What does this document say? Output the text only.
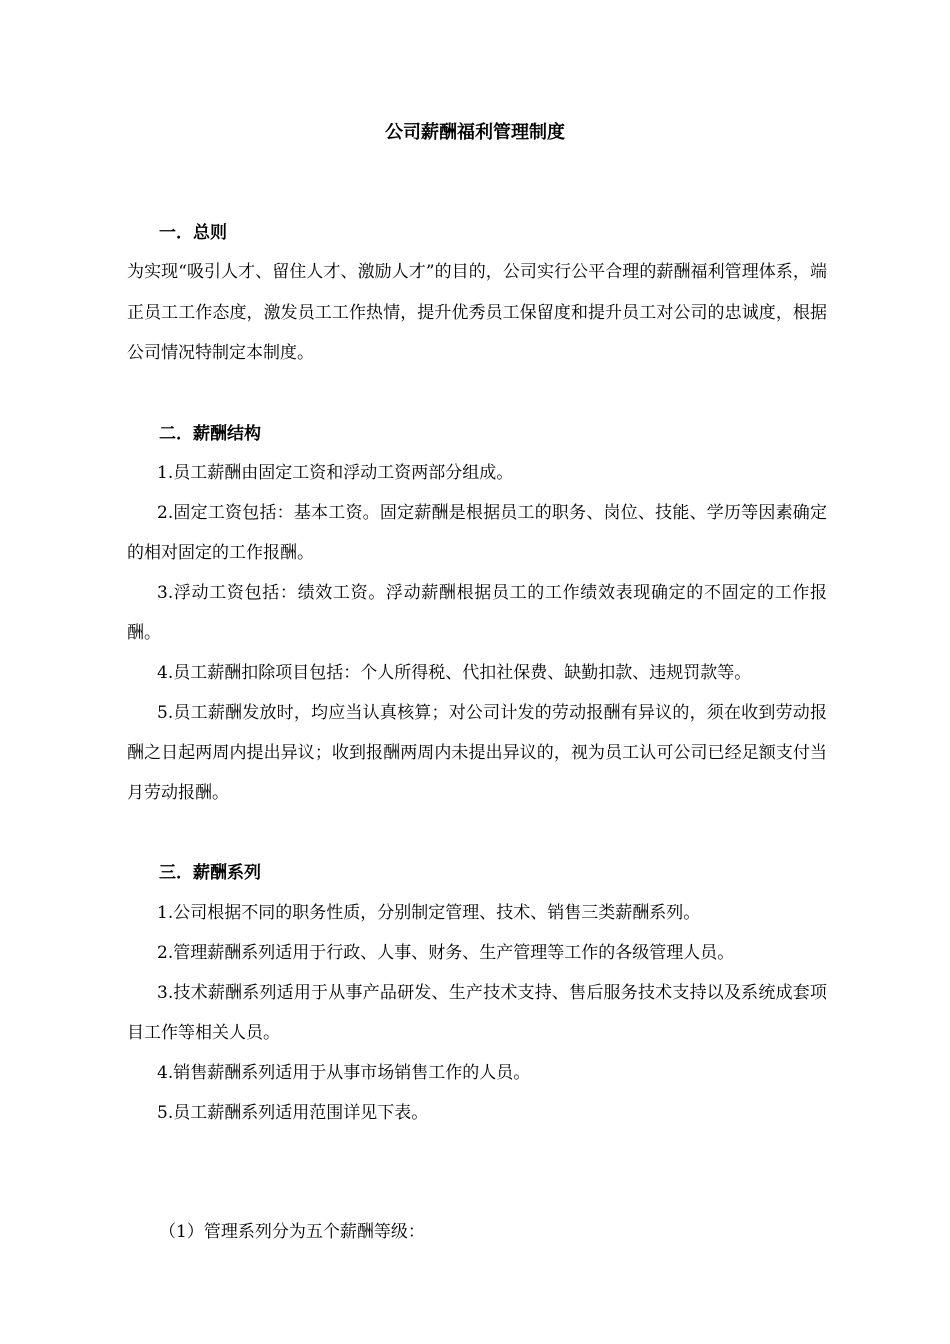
公司薪酬福利管理制度
一．总则
为实现“吸引人才、留住人才、激励人才”的目的，公司实行公平合理的薪酬福利管理体系，端正员工工作态度，激发员工工作热情，提升优秀员工保留度和提升员工对公司的忠诚度，根据公司情况特制定本制度。
二．薪酬结构
1.员工薪酬由固定工资和浮动工资两部分组成。
2.固定工资包括：基本工资。固定薪酬是根据员工的职务、岗位、技能、学历等因素确定的相对固定的工作报酬。
3.浮动工资包括：绩效工资。浮动薪酬根据员工的工作绩效表现确定的不固定的工作报酬。
4.员工薪酬扣除项目包括：个人所得税、代扣社保费、缺勤扣款、违规罚款等。
5.员工薪酬发放时，均应当认真核算；对公司计发的劳动报酬有异议的，须在收到劳动报酬之日起两周内提出异议；收到报酬两周内未提出异议的，视为员工认可公司已经足额支付当月劳动报酬。
三．薪酬系列
1.公司根据不同的职务性质，分别制定管理、技术、销售三类薪酬系列。
2.管理薪酬系列适用于行政、人事、财务、生产管理等工作的各级管理人员。
3.技术薪酬系列适用于从事产品研发、生产技术支持、售后服务技术支持以及系统成套项目工作等相关人员。
4.销售薪酬系列适用于从事市场销售工作的人员。
5.员工薪酬系列适用范围详见下表。
（1）管理系列分为五个薪酬等级：
